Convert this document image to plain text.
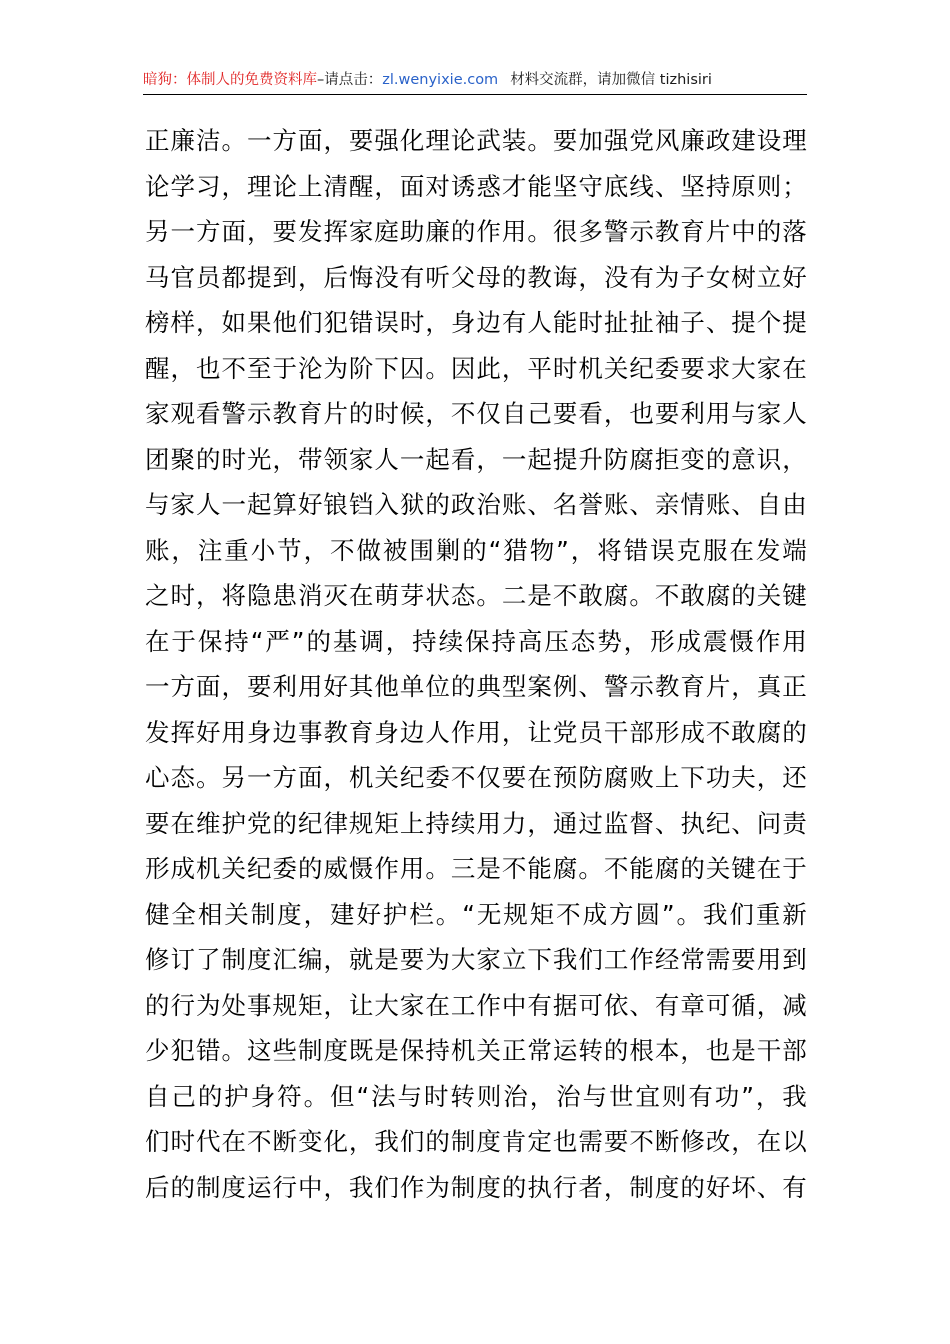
暗狗：体制人的免费资料库–请点击：zl.wenyixie.com 材料交流群，请加微信 tizhisiri
正廉洁。一方面，要强化理论武装。要加强党风廉政建设理
论学习，理论上清醒，面对诱惑才能坚守底线、坚持原则；
另一方面，要发挥家庭助廉的作用。很多警示教育片中的落
马官员都提到，后悔没有听父母的教诲，没有为子女树立好
榜样，如果他们犯错误时，身边有人能时扯扯袖子、提个提
醒，也不至于沦为阶下囚。因此，平时机关纪委要求大家在
家观看警示教育片的时候，不仅自己要看，也要利用与家人
团聚的时光，带领家人一起看，一起提升防腐拒变的意识，
与家人一起算好锒铛入狱的政治账、名誉账、亲情账、自由
账，注重小节，不做被围剿的“猎物”，将错误克服在发端
之时，将隐患消灭在萌芽状态。二是不敢腐。不敢腐的关键
在于保持“严”的基调，持续保持高压态势，形成震慑作用
一方面，要利用好其他单位的典型案例、警示教育片，真正
发挥好用身边事教育身边人作用，让党员干部形成不敢腐的
心态。另一方面，机关纪委不仅要在预防腐败上下功夫，还
要在维护党的纪律规矩上持续用力，通过监督、执纪、问责
形成机关纪委的威慑作用。三是不能腐。不能腐的关键在于
健全相关制度，建好护栏。“无规矩不成方圆”。我们重新
修订了制度汇编，就是要为大家立下我们工作经常需要用到
的行为处事规矩，让大家在工作中有据可依、有章可循，减
少犯错。这些制度既是保持机关正常运转的根本，也是干部
自己的护身符。但“法与时转则治，治与世宜则有功”，我
们时代在不断变化，我们的制度肯定也需要不断修改，在以
后的制度运行中，我们作为制度的执行者，制度的好坏、有
